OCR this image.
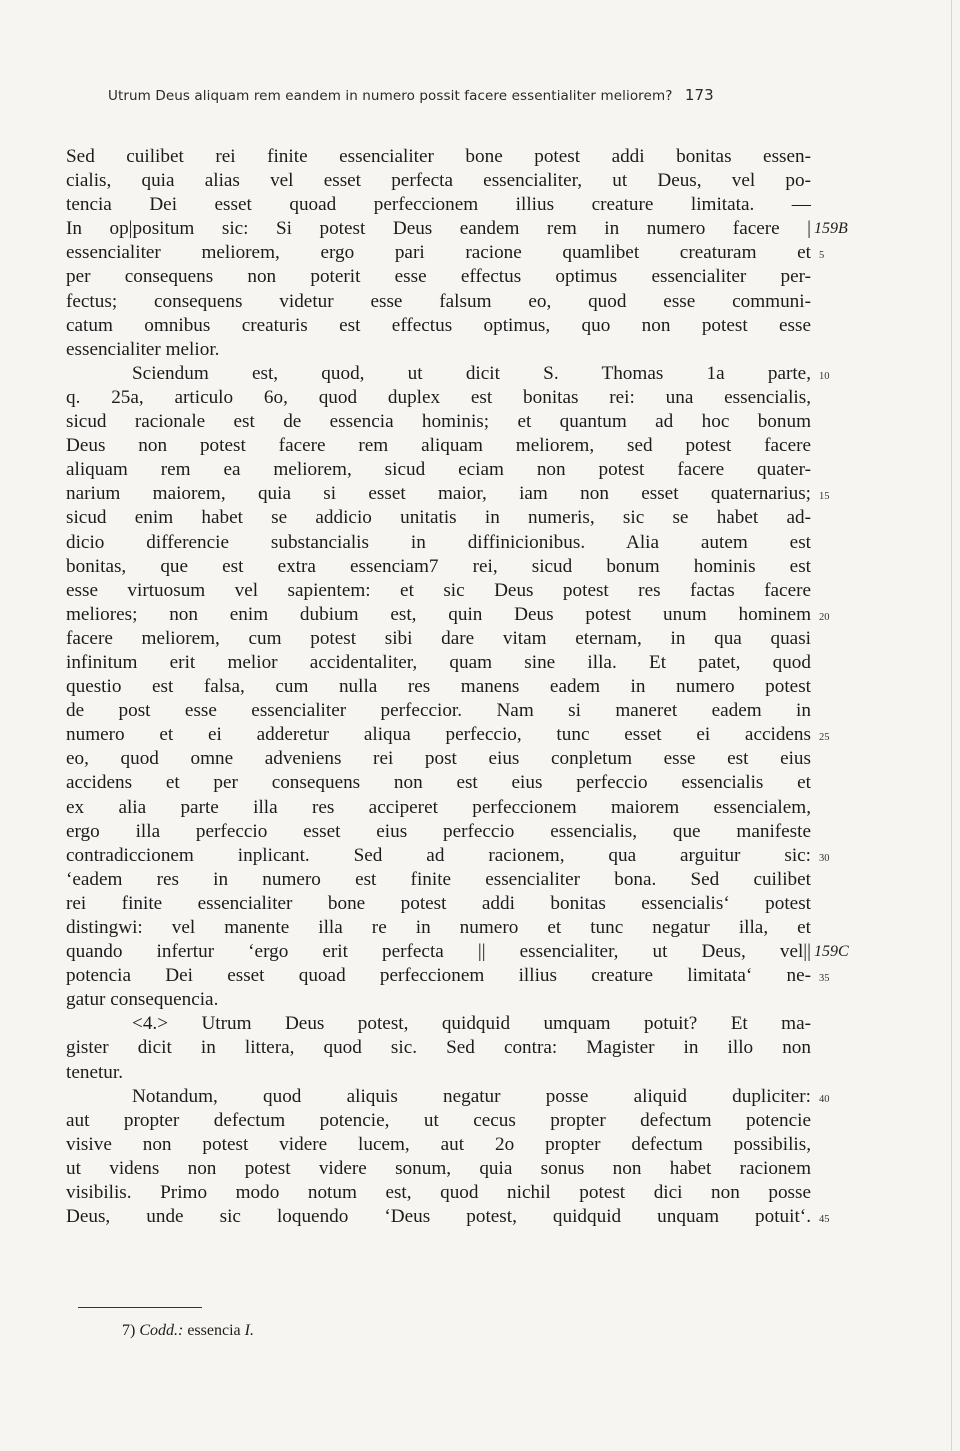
Utrum Deus aliquam rem eandem in numero possit facere essentialiter meliorem? 173
Sed cuilibet rei finite essencialiter bone potest addi bonitas essen-
cialis, quia alias vel esset perfecta essencialiter, ut Deus, vel po-
tencia Dei esset quoad perfeccionem illius creature limitata. —
In op|positum sic: Si potest Deus eandem rem in numero facere | 159B
essencialiter meliorem, ergo pari racione quamlibet creaturam et 5
per consequens non poterit esse effectus optimus essencialiter per-
fectus; consequens videtur esse falsum eo, quod esse communi-
catum omnibus creaturis est effectus optimus, quo non potest esse
essencialiter melior.
Sciendum est, quod, ut dicit S. Thomas 1a parte, 10
q. 25a, articulo 6o, quod duplex est bonitas rei: una essencialis,
sicud racionale est de essencia hominis; et quantum ad hoc bonum
Deus non potest facere rem aliquam meliorem, sed potest facere
aliquam rem ea meliorem, sicud eciam non potest facere quater-
narium maiorem, quia si esset maior, iam non esset quaternarius; 15
sicud enim habet se addicio unitatis in numeris, sic se habet ad-
dicio differencie substancialis in diffinicionibus. Alia autem est
bonitas, que est extra essenciam7 rei, sicud bonum hominis est
esse virtuosum vel sapientem: et sic Deus potest res factas facere
meliores; non enim dubium est, quin Deus potest unum hominem 20
facere meliorem, cum potest sibi dare vitam eternam, in qua quasi
infinitum erit melior accidentaliter, quam sine illa. Et patet, quod
questio est falsa, cum nulla res manens eadem in numero potest
de post esse essencialiter perfeccior. Nam si maneret eadem in
numero et ei adderetur aliqua perfeccio, tunc esset ei accidens 25
eo, quod omne adveniens rei post eius conpletum esse est eius
accidens et per consequens non est eius perfeccio essencialis et
ex alia parte illa res acciperet perfeccionem maiorem essencialem,
ergo illa perfeccio esset eius perfeccio essencialis, que manifeste
contradiccionem inplicant. Sed ad racionem, qua arguitur sic: 30
‘eadem res in numero est finite essencialiter bona. Sed cuilibet
rei finite essencialiter bone potest addi bonitas essencialis‘ potest
distingwi: vel manente illa re in numero et tunc negatur illa, et
quando infertur ‘ergo erit perfecta || essencialiter, ut Deus, vel|| 159C
potencia Dei esset quoad perfeccionem illius creature limitata‘ ne- 35
gatur consequencia.
<4.> Utrum Deus potest, quidquid umquam potuit? Et ma-
gister dicit in littera, quod sic. Sed contra: Magister in illo non
tenetur.
Notandum, quod aliquis negatur posse aliquid dupliciter: 40
aut propter defectum potencie, ut cecus propter defectum potencie
visive non potest videre lucem, aut 2o propter defectum possibilis,
ut videns non potest videre sonum, quia sonus non habet racionem
visibilis. Primo modo notum est, quod nichil potest dici non posse
Deus, unde sic loquendo ‘Deus potest, quidquid unquam potuit‘. 45
7) Codd.: essencia I.
